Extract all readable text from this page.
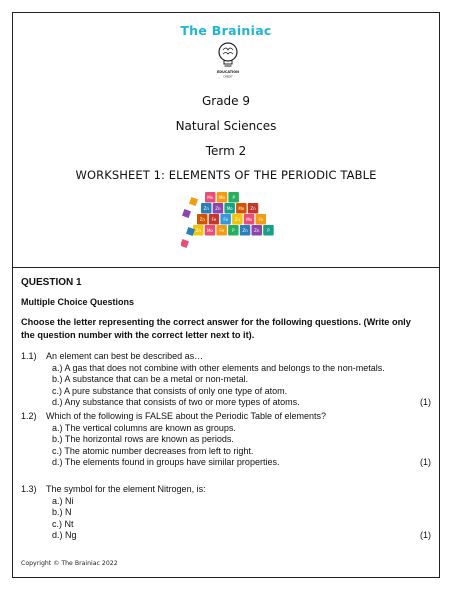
The Brainiac
EDUCATION
CREDIT
Grade 9
Natural Sciences
Term 2
WORKSHEET 1: ELEMENTS OF THE PERIODIC TABLE
Mo Mo P
Zn Zn Mo Mo Zn
Zn Fe Fe Zn Mo Fe
Zn Mo Fe P Zn Zn P
QUESTION 1
Multiple Choice Questions
Choose the letter representing the correct answer for the following questions. (Write only the question number with the correct letter next to it).
1.1) An element can best be described as…
a.) A gas that does not combine with other elements and belongs to the non-metals.
b.) A substance that can be a metal or non-metal.
c.) A pure substance that consists of only one type of atom.
d.) Any substance that consists of two or more types of atoms.	(1)
1.2) Which of the following is FALSE about the Periodic Table of elements?
a.) The vertical columns are known as groups.
b.) The horizontal rows are known as periods.
c.) The atomic number decreases from left to right.
d.) The elements found in groups have similar properties.	(1)
1.3) The symbol for the element Nitrogen, is:
a.) Ni
b.) N
c.) Nt
d.) Ng	(1)
Copyright © The Brainiac 2022
